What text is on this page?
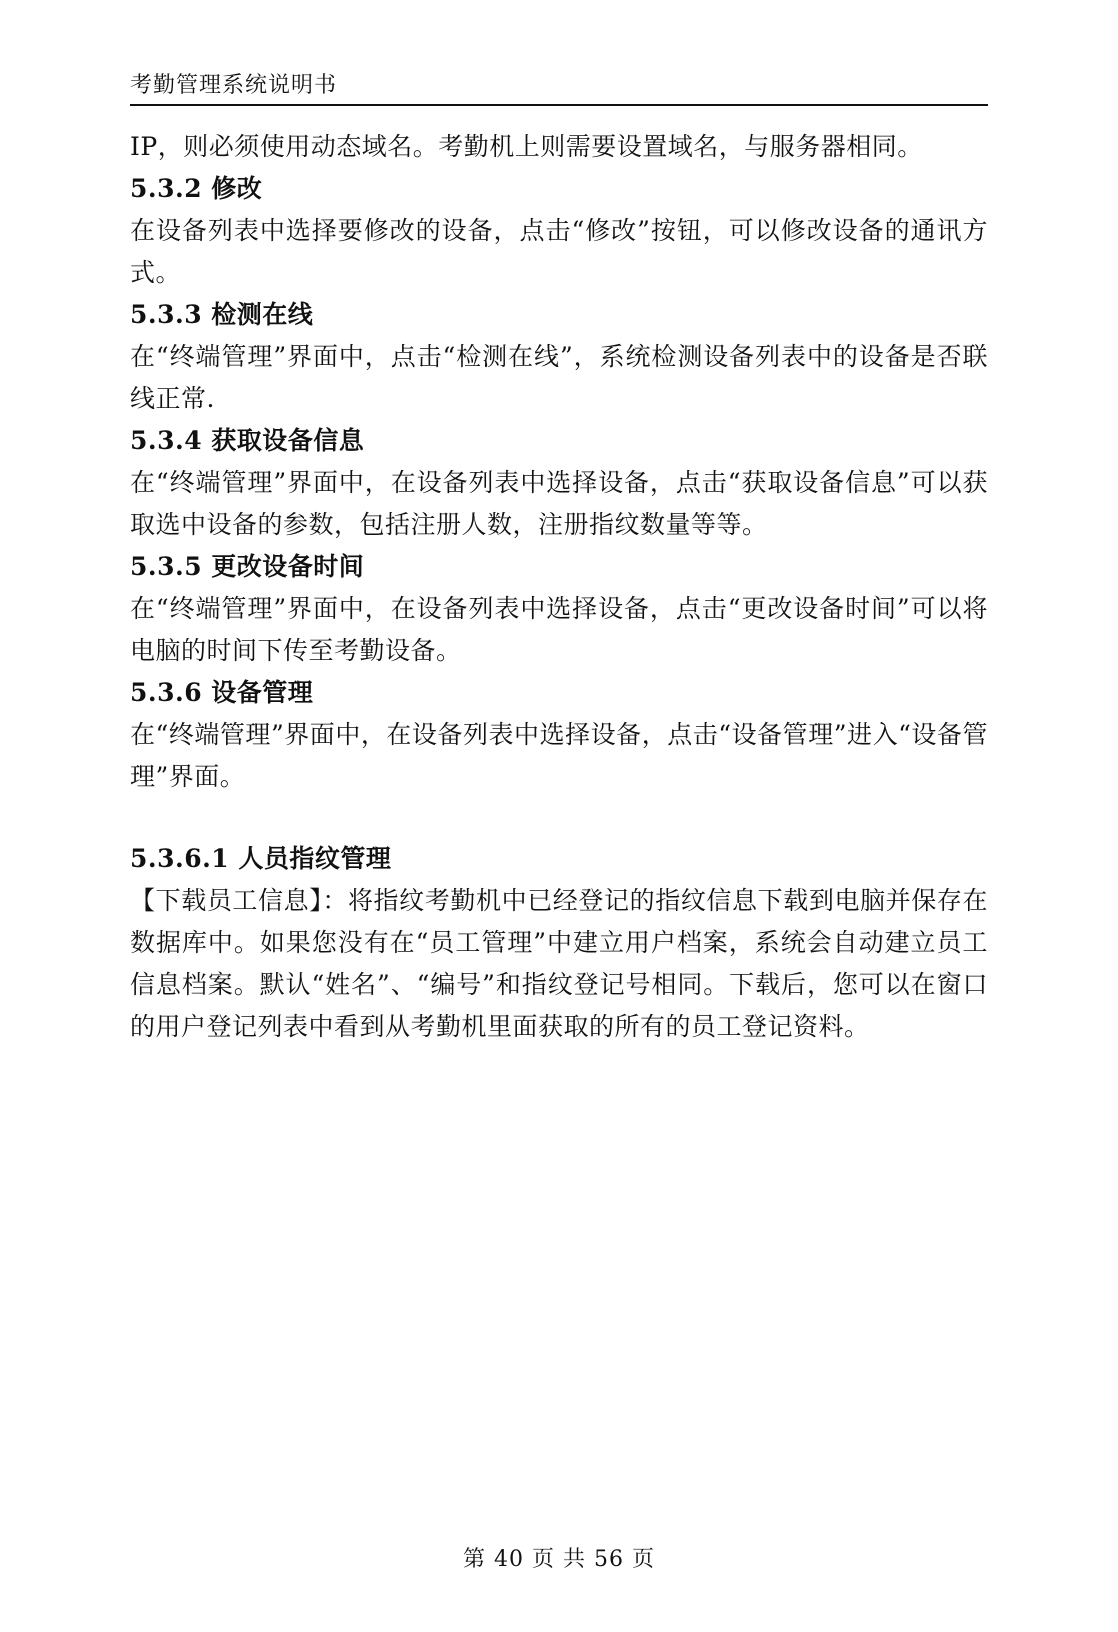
考勤管理系统说明书

IP，则必须使用动态域名。考勤机上则需要设置域名，与服务器相同。

5.3.2 修改

在设备列表中选择要修改的设备，点击“修改”按钮，可以修改设备的通讯方式。

5.3.3 检测在线

在“终端管理”界面中，点击“检测在线”，系统检测设备列表中的设备是否联线正常.

5.3.4 获取设备信息

在“终端管理”界面中，在设备列表中选择设备，点击“获取设备信息”可以获取选中设备的参数，包括注册人数，注册指纹数量等等。

5.3.5 更改设备时间

在“终端管理”界面中，在设备列表中选择设备，点击“更改设备时间”可以将电脑的时间下传至考勤设备。

5.3.6 设备管理

在“终端管理”界面中，在设备列表中选择设备，点击“设备管理”进入“设备管理”界面。

5.3.6.1 人员指纹管理

【下载员工信息】：将指纹考勤机中已经登记的指纹信息下载到电脑并保存在数据库中。如果您没有在“员工管理”中建立用户档案，系统会自动建立员工信息档案。默认“姓名”、“编号”和指纹登记号相同。下载后，您可以在窗口的用户登记列表中看到从考勤机里面获取的所有的员工登记资料。

第 40 页 共 56 页
